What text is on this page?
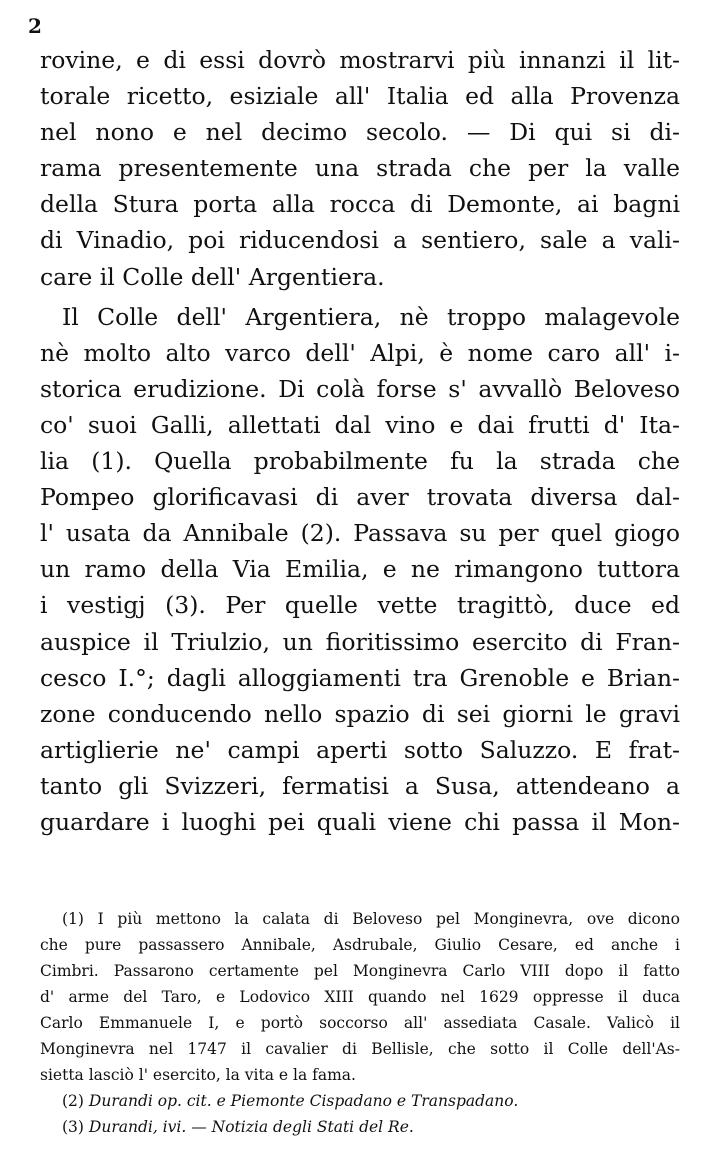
2
rovine, e di essi dovrò mostrarvi più innanzi il lit-
torale ricetto, esiziale all' Italia ed alla Provenza
nel nono e nel decimo secolo. — Di qui si di-
rama presentemente una strada che per la valle
della Stura porta alla rocca di Demonte, ai bagni
di Vinadio, poi riducendosi a sentiero, sale a vali-
care il Colle dell' Argentiera.
Il Colle dell' Argentiera, nè troppo malagevole
nè molto alto varco dell' Alpi, è nome caro all' i-
storica erudizione. Di colà forse s' avvallò Beloveso
co' suoi Galli, allettati dal vino e dai frutti d' Ita-
lia (1). Quella probabilmente fu la strada che
Pompeo glorificavasi di aver trovata diversa dal-
l' usata da Annibale (2). Passava su per quel giogo
un ramo della Via Emilia, e ne rimangono tuttora
i vestigj (3). Per quelle vette tragittò, duce ed
auspice il Triulzio, un fioritissimo esercito di Fran-
cesco I.°; dagli alloggiamenti tra Grenoble e Brian-
zone conducendo nello spazio di sei giorni le gravi
artiglierie ne' campi aperti sotto Saluzzo. E frat-
tanto gli Svizzeri, fermatisi a Susa, attendeano a
guardare i luoghi pei quali viene chi passa il Mon-
(1) I più mettono la calata di Beloveso pel Monginevra, ove dicono
che pure passassero Annibale, Asdrubale, Giulio Cesare, ed anche i
Cimbri. Passarono certamente pel Monginevra Carlo VIII dopo il fatto
d' arme del Taro, e Lodovico XIII quando nel 1629 oppresse il duca
Carlo Emmanuele I, e portò soccorso all' assediata Casale. Valicò il
Monginevra nel 1747 il cavalier di Bellisle, che sotto il Colle dell'As-
sietta lasciò l' esercito, la vita e la fama.
(2) Durandi op. cit. e Piemonte Cispadano e Transpadano.
(3) Durandi, ivi. — Notizia degli Stati del Re.
